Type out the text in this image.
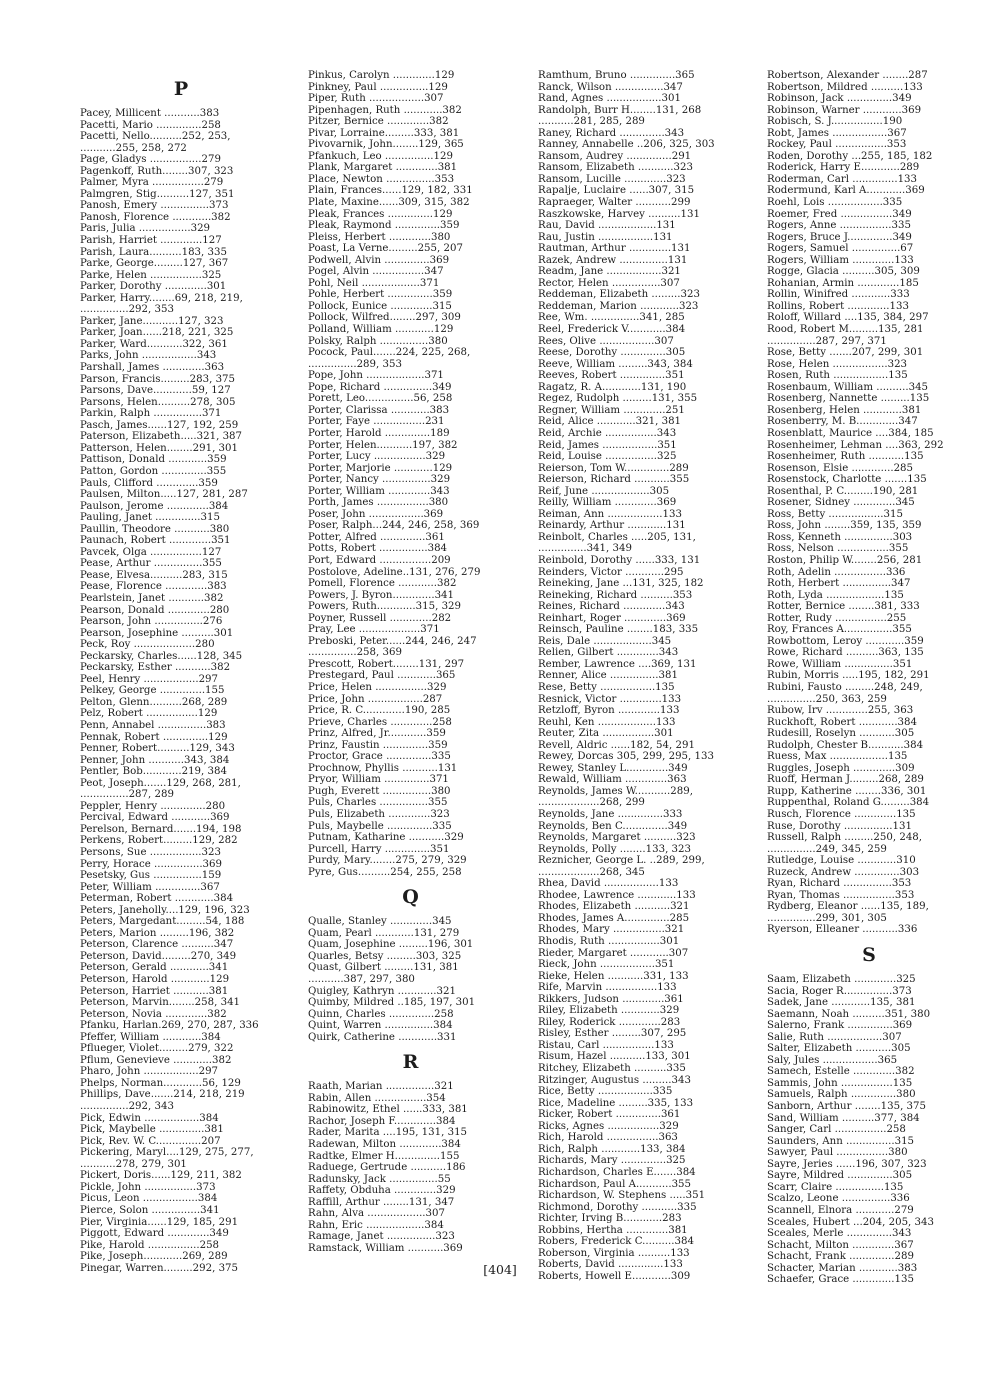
P
Pacey, Millicent ...........383
Pacetti, Mario ..............258
Pacetti, Nello..........252, 253,
...........255, 258, 272
Page, Gladys ................279
Pagenkoff, Ruth........307, 323
Palmer, Myra ................279
Palmgren, Stig..........127, 351
Panosh, Emery ...............373
Panosh, Florence ............382
Paris, Julia ................329
Parish, Harriet .............127
Parish, Laura..........183, 335
Parke, George.........127, 367
Parke, Helen ................325
Parker, Dorothy .............301
Parker, Harry........69, 218, 219,
...............292, 353
Parker, Jane...........127, 323
Parker, Joan......218, 221, 325
Parker, Ward...........322, 361
Parks, John .................343
Parshall, James .............363
Parson, Francis.........283, 375
Parsons, Dave............59, 127
Parsons, Helen..........278, 305
Parkin, Ralph ...............371
Pasch, James......127, 192, 259
Paterson, Elizabeth.....321, 387
Patterson, Helen........291, 301
Pattison, Donald ............359
Patton, Gordon ..............355
Pauls, Clifford .............359
Paulsen, Milton.....127, 281, 287
Paulson, Jerome .............384
Pauling, Janet ..............315
Paullin, Theodore ...........380
Paunach, Robert .............351
Pavcek, Olga ................127
Pease, Arthur ...............355
Pease, Elvesa..........283, 315
Pease, Florence .............383
Pearlstein, Janet ...........382
Pearson, Donald .............280
Pearson, John ...............276
Pearson, Josephine ..........301
Peck, Roy ...................280
Peckarsky, Charles......128, 345
Peckarsky, Esther ...........382
Peel, Henry .................297
Pelkey, George ..............155
Pelton, Glenn..........268, 289
Pelz, Robert ................129
Penn, Annabel ...............383
Pennak, Robert ..............129
Penner, Robert..........129, 343
Penner, John ...........343, 384
Pentler, Bob............219, 384
Peot, Joseph.......129, 268, 281,
...............287, 289
Peppler, Henry ..............280
Percival, Edward ............369
Perelson, Bernard.......194, 198
Perkens, Robert.........129, 282
Persons, Sue ................323
Perry, Horace ...............369
Pesetsky, Gus ...............159
Peter, William ..............367
Peterman, Robert ............384
Peters, Janeholly....129, 196, 323
Peters, Margedant.........54, 188
Peters, Marion .........196, 382
Peterson, Clarence ..........347
Peterson, David.........270, 349
Peterson, Gerald ............341
Peterson, Harold ............129
Peterson, Harriet ...........381
Peterson, Marvin........258, 341
Peterson, Novia .............382
Pfanku, Harlan.269, 270, 287, 336
Pfeffer, William ............384
Pflueger, Violet.........279, 322
Pflum, Genevieve ............382
Pharo, John .................297
Phelps, Norman............56, 129
Phillips, Dave.......214, 218, 219
...............292, 343
Pick, Edwin .................384
Pick, Maybelle ..............381
Pick, Rev. W. C..............207
Pickering, Maryl....129, 275, 277,
...........278, 279, 301
Pickert, Doris......129, 211, 382
Pickle, John ................373
Picus, Leon .................384
Pierce, Solon ...............341
Pier, Virginia......129, 185, 291
Piggott, Edward .............349
Pike, Harold ................258
Pike, Joseph............269, 289
Pinegar, Warren.........292, 375
Pinkus, Carolyn .............129
Pinkney, Paul ...............129
Piper, Ruth .................307
Pipenhagen, Ruth ............382
Pitzer, Bernice .............382
Pivar, Lorraine.........333, 381
Pivovarnik, John........129, 365
Pfankuch, Leo ...............129
Plank, Margaret .............381
Place, Newton ...............353
Plain, Frances......129, 182, 331
Plate, Maxine......309, 315, 382
Pleak, Frances ..............129
Pleak, Raymond ..............359
Pleiss, Herbert .............380
Poast, La Verne.........255, 207
Podwell, Alvin ..............369
Pogel, Alvin ................347
Pohl, Neil ..................371
Pohle, Herbert ..............359
Pollock, Eunice .............315
Pollock, Wilfred........297, 309
Polland, William ............129
Polsky, Ralph ...............380
Pocock, Paul.......224, 225, 268,
...............289, 353
Pope, John ..................371
Pope, Richard ...............349
Porett, Leo...............56, 258
Porter, Clarissa ............383
Porter, Faye ................231
Porter, Harold ..............189
Porter, Helen...........197, 382
Porter, Lucy ................329
Porter, Marjorie ............129
Porter, Nancy ...............329
Porter, William .............343
Porth, James ................380
Poser, John .................369
Poser, Ralph...244, 246, 258, 369
Potter, Alfred ..............361
Potts, Robert ...............384
Port, Edward ................209
Postolove, Adeline..131, 276, 279
Pomell, Florence ............382
Powers, J. Byron.............341
Powers, Ruth............315, 329
Poyner, Russell .............282
Pray, Lee ...................371
Preboski, Peter......244, 246, 247
...............258, 369
Prescott, Robert........131, 297
Prestegard, Paul ............365
Price, Helen ................329
Price, John .................287
Price, R. C.............190, 285
Prieve, Charles .............258
Prinz, Alfred, Jr............359
Prinz, Faustin ..............359
Proctor, Grace ..............335
Prochnow, Phyllis ...........131
Pryor, William ..............371
Pugh, Everett ...............380
Puls, Charles ...............355
Puls, Elizabeth .............323
Puls, Maybelle ..............335
Putnam, Katharine ...........329
Purcell, Harry ..............351
Purdy, Mary........275, 279, 329
Pyre, Gus..........254, 255, 258
Q
Qualle, Stanley .............345
Quam, Pearl ............131, 279
Quam, Josephine .........196, 301
Quarles, Betsy .........303, 325
Quast, Gilbert .........131, 381
...........387, 297, 380
Quigley, Kathryn ............321
Quimby, Mildred ..185, 197, 301
Quinn, Charles ..............258
Quint, Warren ...............384
Quirk, Catherine ............331
R
Raath, Marian ...............321
Rabin, Allen ................354
Rabinowitz, Ethel ......333, 381
Rachor, Joseph F.............384
Rader, Marita ....195, 131, 315
Radewan, Milton .............384
Radtke, Elmer H..............155
Raduege, Gertrude ...........186
Radunsky, Jack ...............55
Raffety, Obduha .............329
Raffill, Arthur ........131, 347
Rahn, Alva ..................307
Rahn, Eric ..................384
Ramage, Janet ...............323
Ramstack, William ...........369
Ramthum, Bruno ..............365
Ranck, Wilson ...............347
Rand, Agnes .................301
Randolph, Burr H........131, 268
...........281, 285, 289
Raney, Richard ..............343
Ranney, Annabelle ..206, 325, 303
Ransom, Audrey ..............291
Ransom, Elizabeth ...........323
Ransom, Lucille .............323
Rapalje, Luclaire ......307, 315
Rapraeger, Walter ...........299
Raszkowske, Harvey ..........131
Rau, David ..................131
Rau, Justin .................131
Rautman, Arthur .............131
Razek, Andrew ...............131
Readm, Jane .................321
Rector, Helen ...............307
Reddeman, Elizabeth .........323
Reddeman, Marion ............323
Ree, Wm. ...............341, 285
Reel, Frederick V............384
Rees, Olive .................307
Reese, Dorothy ..............305
Reeve, William .........343, 384
Reeves, Robert ..............351
Ragatz, R. A............131, 190
Regez, Rudolph .........131, 355
Regner, William .............251
Reid, Alice ............321, 381
Reid, Archie ................343
Reid, James .................351
Reid, Louise ................325
Reierson, Tom W..............289
Reierson, Richard ...........355
Reif, June ..................305
Reilly, William .............369
Reiman, Ann .................133
Reinardy, Arthur ............131
Reinbolt, Charles .....205, 131,
...............341, 349
Reinbold, Dorothy ......333, 131
Reinders, Victor ............295
Reineking, Jane ...131, 325, 182
Reineking, Richard ..........353
Reines, Richard .............343
Reinhart, Roger .............369
Reinsch, Pauline ........183, 335
Reis, Dale ..................345
Relien, Gilbert .............343
Rember, Lawrence ....369, 131
Renner, Alice ...............381
Rese, Betty .................135
Resnick, Victor .............133
Retzloff, Byron .............133
Reuhl, Ken ..................133
Reuter, Zita ................301
Revell, Aldric ......182, 54, 291
Rewey, Dorcas 305, 299, 295, 133
Rewey, Stanley L.............349
Rewald, William .............363
Reynolds, James W...........289,
...................268, 299
Reynolds, Jane ..............333
Reynolds, Ben C..............349
Reynolds, Margaret ..........323
Reynolds, Polly ........133, 323
Reznicher, George L. ..289, 299,
...................268, 345
Rhea, David .................133
Rhodee, Lawrence ............133
Rhodes, Elizabeth ...........321
Rhodes, James A..............285
Rhodes, Mary ................321
Rhodis, Ruth ................301
Rieder, Margaret ............307
Rieck, John .................351
Rieke, Helen ...........331, 133
Rife, Marvin ................133
Rikkers, Judson .............361
Riley, Elizabeth ............329
Riley, Roderick .............283
Risley, Esther .........307, 295
Ristau, Carl ................133
Risum, Hazel ...........133, 301
Ritchey, Elizabeth ..........335
Ritzinger, Augustus .........343
Rice, Betty .................335
Rice, Madeline .........335, 133
Ricker, Robert ..............361
Ricks, Agnes ................329
Rich, Harold ................363
Rich, Ralph ............133, 384
Richards, Mary ..............325
Richardson, Charles E.......384
Richardson, Paul A...........355
Richardson, W. Stephens .....351
Richmond, Dorothy ...........335
Richter, Irving B............283
Robbins, Hertha .............381
Robers, Frederick C..........384
Roberson, Virginia ..........133
Roberts, David ..............133
Roberts, Howell E............309
Robertson, Alexander ........287
Robertson, Mildred ..........133
Robinson, Jack ..............349
Robinson, Warner ............369
Robisch, S. J................190
Robt, James .................367
Rockey, Paul ................353
Roden, Dorothy ...255, 185, 182
Roderick, Harry E............289
Roderman, Carl ..............133
Rodermund, Karl A............369
Roehl, Lois .................335
Roemer, Fred ................349
Rogers, Anne ................335
Rogers, Bruce J..............349
Rogers, Samuel ...............67
Rogers, William .............133
Rogge, Glacia ..........305, 309
Rohanian, Armin .............185
Rollin, Winifred ............333
Rollins, Robert .............133
Roloff, Willard ....135, 384, 297
Rood, Robert M.........135, 281
...............287, 297, 371
Rose, Betty .......207, 299, 301
Rose, Helen .................323
Rosen, Ruth .................135
Rosenbaum, William ..........345
Rosenberg, Nannette .........135
Rosenberg, Helen ............381
Rosenberry, M. B.............347
Rosenblatt, Maurice ....384, 185
Rosenheimer, Lehman ....363, 292
Rosenheimer, Ruth ...........135
Rosenson, Elsie .............285
Rosenstock, Charlotte .......135
Rosenthal, P. C.........190, 281
Rosener, Sidney .............345
Ross, Betty .................315
Ross, John ........359, 135, 359
Ross, Kenneth ...............303
Ross, Nelson ................355
Roston, Philip W........256, 281
Roth, Adelin ................336
Roth, Herbert ...............347
Roth, Lyda ..................135
Rotter, Bernice ........381, 333
Rotter, Rudy ................255
Roy, Frances A...............355
Rowbottom, Leroy ............359
Rowe, Richard ..........363, 135
Rowe, William ...............351
Rubin, Morris .....195, 182, 291
Rubini, Fausto .........248, 249,
...............250, 363, 259
Rubow, Irv .............255, 363
Ruckhoft, Robert ............384
Rudesill, Roselyn ...........305
Rudolph, Chester B...........384
Ruess, Max ..................135
Ruggles, Joseph .............309
Ruoff, Herman J.........268, 289
Rupp, Katherine ........336, 301
Ruppenthal, Roland G.........384
Rusch, Florence .............135
Ruse, Dorothy ...............131
Russell, Ralph .........250, 248,
...............249, 345, 259
Rutledge, Louise ............310
Ruzeck, Andrew ..............303
Ryan, Richard ...............353
Ryan, Thomas ................353
Rydberg, Eleanor ......135, 189,
...............299, 301, 305
Ryerson, Elleaner ...........336
S
Saam, Elizabeth .............325
Sacia, Roger R...............373
Sadek, Jane ............135, 381
Saemann, Noah ..........351, 380
Salerno, Frank ..............369
Salie, Ruth .................307
Salter, Elizabeth ...........305
Saly, Jules .................365
Samech, Estelle .............382
Sammis, John ................135
Samuels, Ralph ..............380
Sanborn, Arthur ........135, 375
Sand, William ..........377, 384
Sanger, Carl ................258
Saunders, Ann ...............315
Sawyer, Paul ................380
Sayre, Jeries ......196, 307, 323
Sayre, Mildred ..............305
Scarr, Claire ...............135
Scalzo, Leone ...............336
Scannell, Elnora ............279
Sceales, Hubert ...204, 205, 343
Sceales, Merle ..............343
Schacht, Milton .............367
Schacht, Frank ..............289
Schacter, Marian ............383
Schaefer, Grace .............135
[404]
